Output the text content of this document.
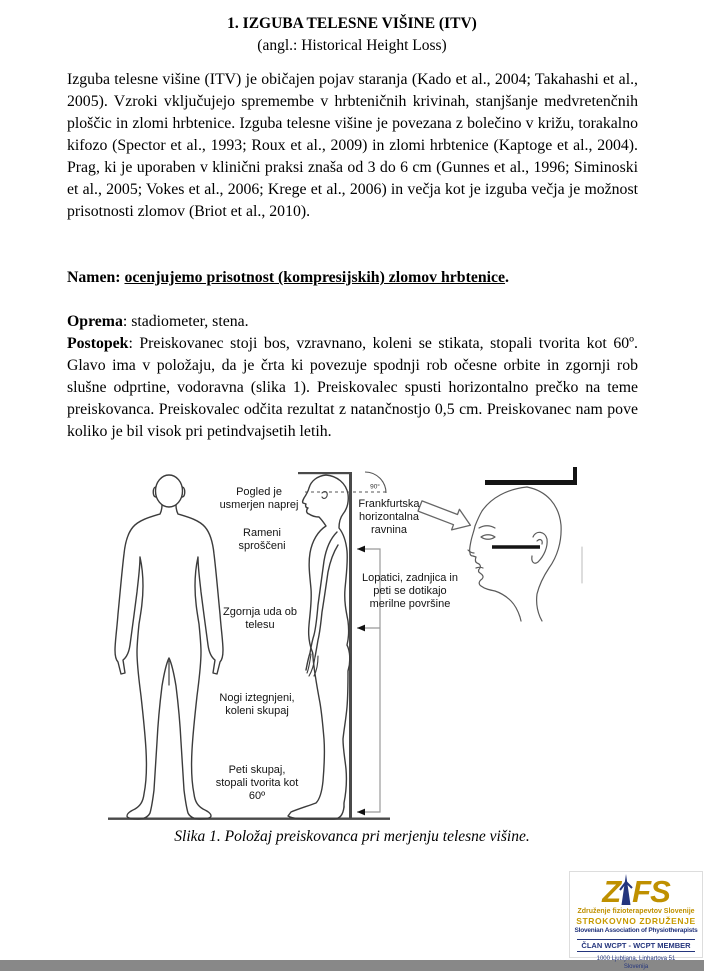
1. IZGUBA TELESNE VIŠINE (ITV)
(angl.: Historical Height Loss)

Izguba telesne višine (ITV) je običajen pojav staranja (Kado et al., 2004; Takahashi et al., 2005). Vzroki vključujejo spremembe v hrbteničnih krivinah, stanjšanje medvretenčnih ploščic in zlomi hrbtenice. Izguba telesne višine je povezana z bolečino v križu, torakalno kifozo (Spector et al., 1993; Roux et al., 2009) in zlomi hrbtenice (Kaptoge et al., 2004). Prag, ki je uporaben v klinični praksi znaša od 3 do 6 cm (Gunnes et al., 1996; Siminoski et al., 2005; Vokes et al., 2006; Krege et al., 2006) in večja kot je izguba večja je možnost prisotnosti zlomov (Briot et al., 2010).

Namen: ocenjujemo prisotnost (kompresijskih) zlomov hrbtenice.

Oprema: stadiometer, stena.

Postopek: Preiskovanec stoji bos, vzravnano, koleni se stikata, stopali tvorita kot 60º. Glavo ima v položaju, da je črta ki povezuje spodnji rob očesne orbite in zgornji rob slušne odprtine, vodoravna (slika 1). Preiskovalec spusti horizontalno prečko na teme preiskovanca. Preiskovalec odčita rezultat z natančnostjo 0,5 cm. Preiskovanec nam pove koliko je bil visok pri petindvajsetih letih.

90°
Pogled je
usmerjen naprej
Rameni
sproščeni
Zgornja uda ob
telesu
Nogi iztegnjeni,
koleni skupaj
Peti skupaj,
stopali tvorita kot
60º
Frankfurtska
horizontalna
ravnina
Lopatici, zadnjica in
peti se dotikajo
merilne površine
Slika 1. Položaj preiskovanca pri merjenju telesne višine.
Z FS
Združenje fizioterapevtov Slovenije
STROKOVNO ZDRUŽENJE
Slovenian Association of Physiotherapists
ČLAN WCPT - WCPT MEMBER
1000 Ljubljana, Linhartova 51
Slovenija
